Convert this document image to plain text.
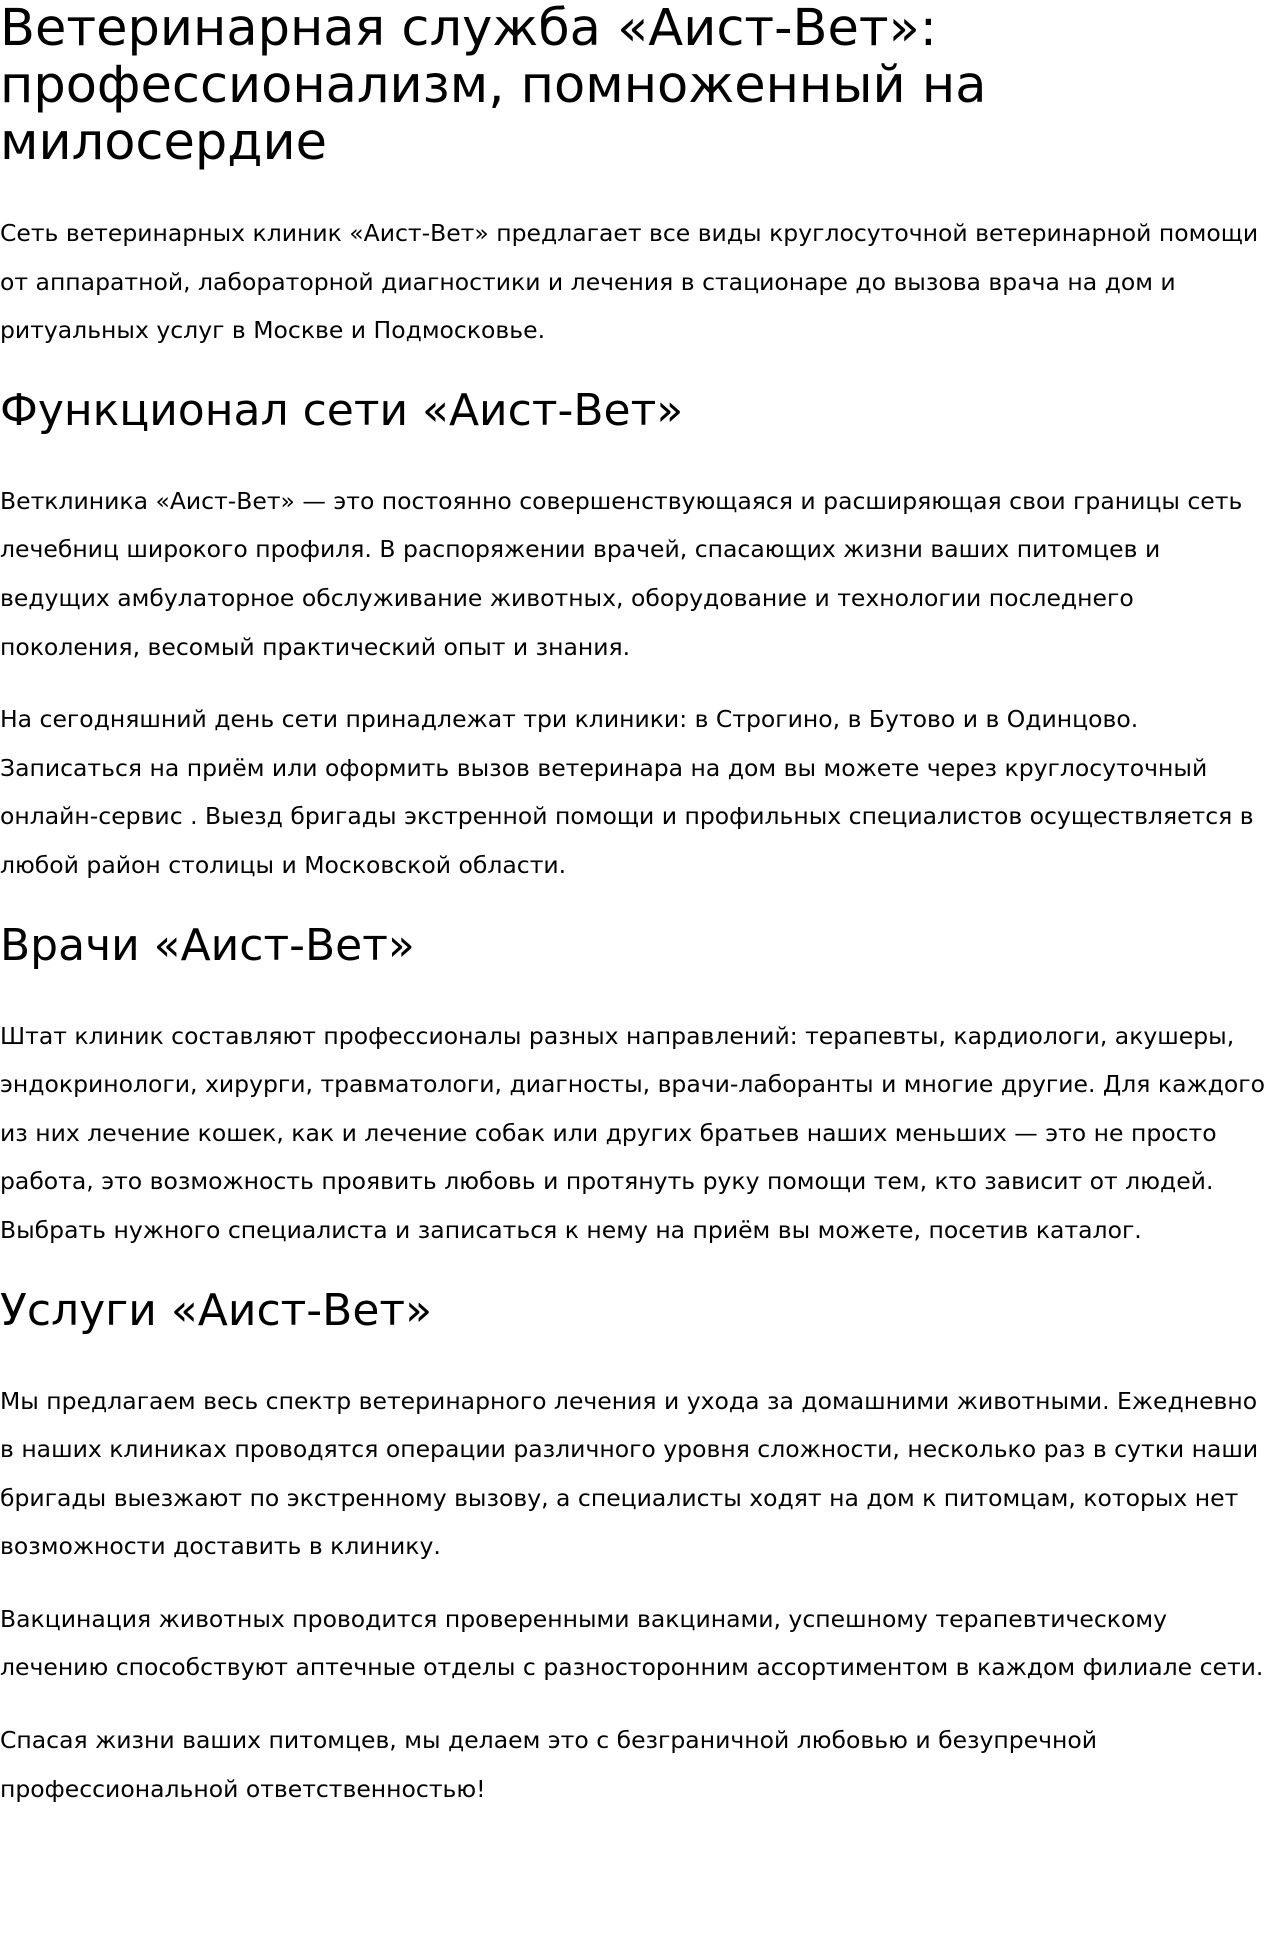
Ветеринарная служба «Аист-Вет»: профессионализм, помноженный на милосердие

Сеть ветеринарных клиник «Аист-Вет» предлагает все виды круглосуточной ветеринарной помощи от аппаратной, лабораторной диагностики и лечения в стационаре до вызова врача на дом и ритуальных услуг в Москве и Подмосковье.

Функционал сети «Аист-Вет»

Ветклиника «Аист-Вет» — это постоянно совершенствующаяся и расширяющая свои границы сеть лечебниц широкого профиля. В распоряжении врачей, спасающих жизни ваших питомцев и ведущих амбулаторное обслуживание животных, оборудование и технологии последнего поколения, весомый практический опыт и знания.

На сегодняшний день сети принадлежат три клиники: в Строгино, в Бутово и в Одинцово. Записаться на приём или оформить вызов ветеринара на дом вы можете через круглосуточный онлайн-сервис . Выезд бригады экстренной помощи и профильных специалистов осуществляется в любой район столицы и Московской области.

Врачи «Аист-Вет»

Штат клиник составляют профессионалы разных направлений: терапевты, кардиологи, акушеры, эндокринологи, хирурги, травматологи, диагносты, врачи-лаборанты и многие другие. Для каждого из них лечение кошек, как и лечение собак или других братьев наших меньших — это не просто работа, это возможность проявить любовь и протянуть руку помощи тем, кто зависит от людей. Выбрать нужного специалиста и записаться к нему на приём вы можете, посетив каталог.

Услуги «Аист-Вет»

Мы предлагаем весь спектр ветеринарного лечения и ухода за домашними животными. Ежедневно в наших клиниках проводятся операции различного уровня сложности, несколько раз в сутки наши бригады выезжают по экстренному вызову, а специалисты ходят на дом к питомцам, которых нет возможности доставить в клинику.

Вакцинация животных проводится проверенными вакцинами, успешному терапевтическому лечению способствуют аптечные отделы с разносторонним ассортиментом в каждом филиале сети.

Спасая жизни ваших питомцев, мы делаем это с безграничной любовью и безупречной профессиональной ответственностью!
